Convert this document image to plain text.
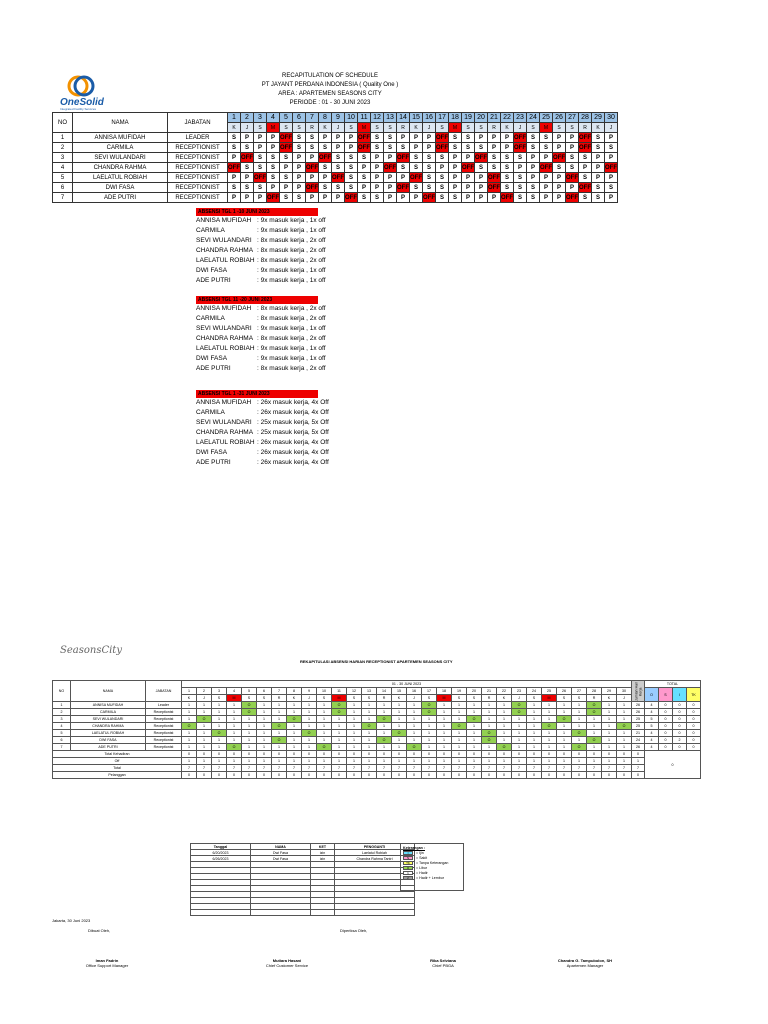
OneSolid
Integrated Facility Services
RECAPITULATION OF SCHEDULE
PT JAYANT PERDANA INDONESIA ( Quality One )
AREA : APARTEMEN SEASONS CITY
PERIODE : 01 - 30 JUNI 2023
NO	NAMA	JABATAN	1	2	3	4	5	6	7	8	9	10	11	12	13	14	15	16	17	18	19	20	21	22	23	24	25	26	27	28	29	30
			K	J	S	M	S	S	R	K	J	S	M	S	S	R	K	J	S	M	S	S	R	K	J	S	M	S	S	R	K	J
1	ANNISA MUFIDAH	LEADER	S	P	P	P	OFF	S	S	P	P	P	OFF	S	S	P	P	P	OFF	S	S	P	P	P	OFF	S	S	P	P	OFF	S	P
2	CARMILA	RECEPTIONIST	S	S	P	P	OFF	S	S	S	P	P	OFF	S	S	S	P	P	OFF	S	S	S	P	P	OFF	S	S	P	P	OFF	S	S
3	SEVI WULANDARI	RECEPTIONIST	P	OFF	S	S	S	P	P	OFF	S	S	S	P	P	OFF	S	S	S	P	P	OFF	S	S	S	P	P	OFF	S	S	P	P
4	CHANDRA RAHMA	RECEPTIONIST	OFF	S	S	S	P	P	OFF	S	S	S	P	P	OFF	S	S	S	P	P	OFF	S	S	S	P	P	OFF	S	S	P	P	OFF
5	LAELATUL ROBIAH	RECEPTIONIST	P	P	OFF	S	S	P	P	P	OFF	S	S	P	P	P	OFF	S	S	P	P	P	OFF	S	S	P	P	P	OFF	S	P	P
6	DWI FASA	RECEPTIONIST	S	S	S	P	P	P	OFF	S	S	S	P	P	P	OFF	S	S	S	P	P	P	OFF	S	S	S	P	P	P	OFF	S	S
7	ADE PUTRI	RECEPTIONIST	P	P	P	OFF	S	S	P	P	P	OFF	S	S	P	P	P	OFF	S	S	P	P	P	OFF	S	S	P	P	OFF	S	S	P
ABSENSI TGL 1 -10 JUNI 2023
ANNISA MUFIDAH : 9x masuk kerja , 1x off
CARMILA	: 9x masuk kerja , 1x off
SEVI WULANDARI : 8x masuk kerja , 2x off
CHANDRA RAHMA : 8x masuk kerja , 2x off
LAELATUL ROBIAH : 8x masuk kerja , 2x off
DWI FASA	: 9x masuk kerja , 1x off
ADE PUTRI	: 9x masuk kerja , 1x off
ABSENSI TGL 11 -20 JUNI 2023
ANNISA MUFIDAH : 8x masuk kerja , 2x off
CARMILA	: 8x masuk kerja , 2x off
SEVI WULANDARI : 9x masuk kerja , 1x off
CHANDRA RAHMA : 8x masuk kerja , 2x off
LAELATUL ROBIAH : 9x masuk kerja , 1x off
DWI FASA	: 9x masuk kerja , 1x off
ADE PUTRI	: 8x masuk kerja , 2x off
ABSENSI TGL 1 -31 JUNI 2023
ANNISA MUFIDAH : 26x masuk kerja, 4x Off
CARMILA	: 26x masuk kerja, 4x Off
SEVI WULANDARI : 25x masuk kerja, 5x Off
CHANDRA RAHMA : 25x masuk kerja, 5x Off
LAELATUL ROBIAH : 26x masuk kerja, 4x Off
DWI FASA	: 26x masuk kerja, 4x Off
ADE PUTRI	: 26x masuk kerja, 4x Off
SeasonsCity
REKAPITULASI ABSENSI HARIAN RECEPTIONIST APARTEMEN SEASONS CITY
NO	NAMA	JABATAN	01 - 30 JUNI 2023																														Jumlah Hari Kerja	TOTAL			
			1	2	3	4	5	6	7	8	9	10	11	12	13	14	15	16	17	18	19	20	21	22	23	24	25	26	27	28	29	30		O	S	I	TK
			K	J	S	M	S	S	R	K	J	S	M	S	S	R	K	J	S	M	S	S	R	K	J	S	M	S	S	R	K	J					
1	ANNISA MUFIDAH	Leader	1	1	1	1	O	1	1	1	1	1	O	1	1	1	1	1	O	1	1	1	1	1	O	1	1	1	1	O	1	1	26	4	0	0	0
2	CARMILA	Receptionist	1	1	1	1	O	1	1	1	1	1	O	1	1	1	1	1	O	1	1	1	1	1	O	1	1	1	1	O	1	1	26	4	0	0	0
3	SEVI WULANDARI	Receptionist	1	O	1	1	1	1	1	O	1	1	1	1	1	O	1	1	1	1	1	O	1	1	1	1	1	O	1	1	1	1	25	5	0	0	0
4	CHANDRA RAHMA	Receptionist	O	1	1	1	1	1	O	1	1	1	1	1	O	1	1	1	1	1	O	1	1	1	1	1	O	1	1	1	1	O	25	5	0	0	0
5	LAELATUL ROBIAH	Receptionist	1	1	O	1	1	1	1	1	O	1	1	1	1	1	O	1	1	1	1	1	O	1	1	1	1	1	O	1	1	1	21	4	0	0	0
6	DWI FASA	Receptionist	1	1	1	1	1	1	O	1	1	1	1	1	1	O	1	1	1	1	1	1	O	1	1	1	1	1	1	O	1	1	24	4	0	2	0
7	ADE PUTRI	Receptionist	1	1	1	O	1	1	1	1	1	O	1	1	1	1	1	O	1	1	1	1	1	O	1	1	1	1	O	1	1	1	26	4	0	0	0
Total Kehadiran			0	0	0	0	0	0	0	0	0	0	0	0	0	0	0	0	0	0	0	0	0	0	0	0	0	0	0	0	0	0	0	0			
Off			1	1	1	1	1	1	1	1	1	1	1	1	1	1	1	1	1	1	1	1	1	1	1	1	1	1	1	1	1	1	1				
Total			7	7	7	7	7	7	7	7	7	7	7	7	7	7	7	7	7	7	7	7	7	7	7	7	7	7	7	7	7	7	7				
Pelanggan			0	0	0	0	0	0	0	0	0	0	0	0	0	0	0	0	0	0	0	0	0	0	0	0	0	0	0	0	0	0	0				
Tanggal	NAMA	KET	PENGGANTI
6/20/2023	Dwi Fasa	izin	Laelatul Robiah
6/26/2023	Dwi Fasa	izin	Chandra Rahma Tantri

Keterangan :
I	= Ijin
S	= Sakit
TK	= Tanpa Keterangan
O	= Libur
1	= Hadir
2	= Hadir + Lembur
Jakarta, 30 Juni 2023
Dibuat Oleh,	Diperiksa Oleh,
Iman Fadrin
Office Support Manager
Mutiara Hasani
Chief Customer Service
Rika Selviana
Chief PBGA
Chandra G. Tampubolon, SH
Apartemen Manager
